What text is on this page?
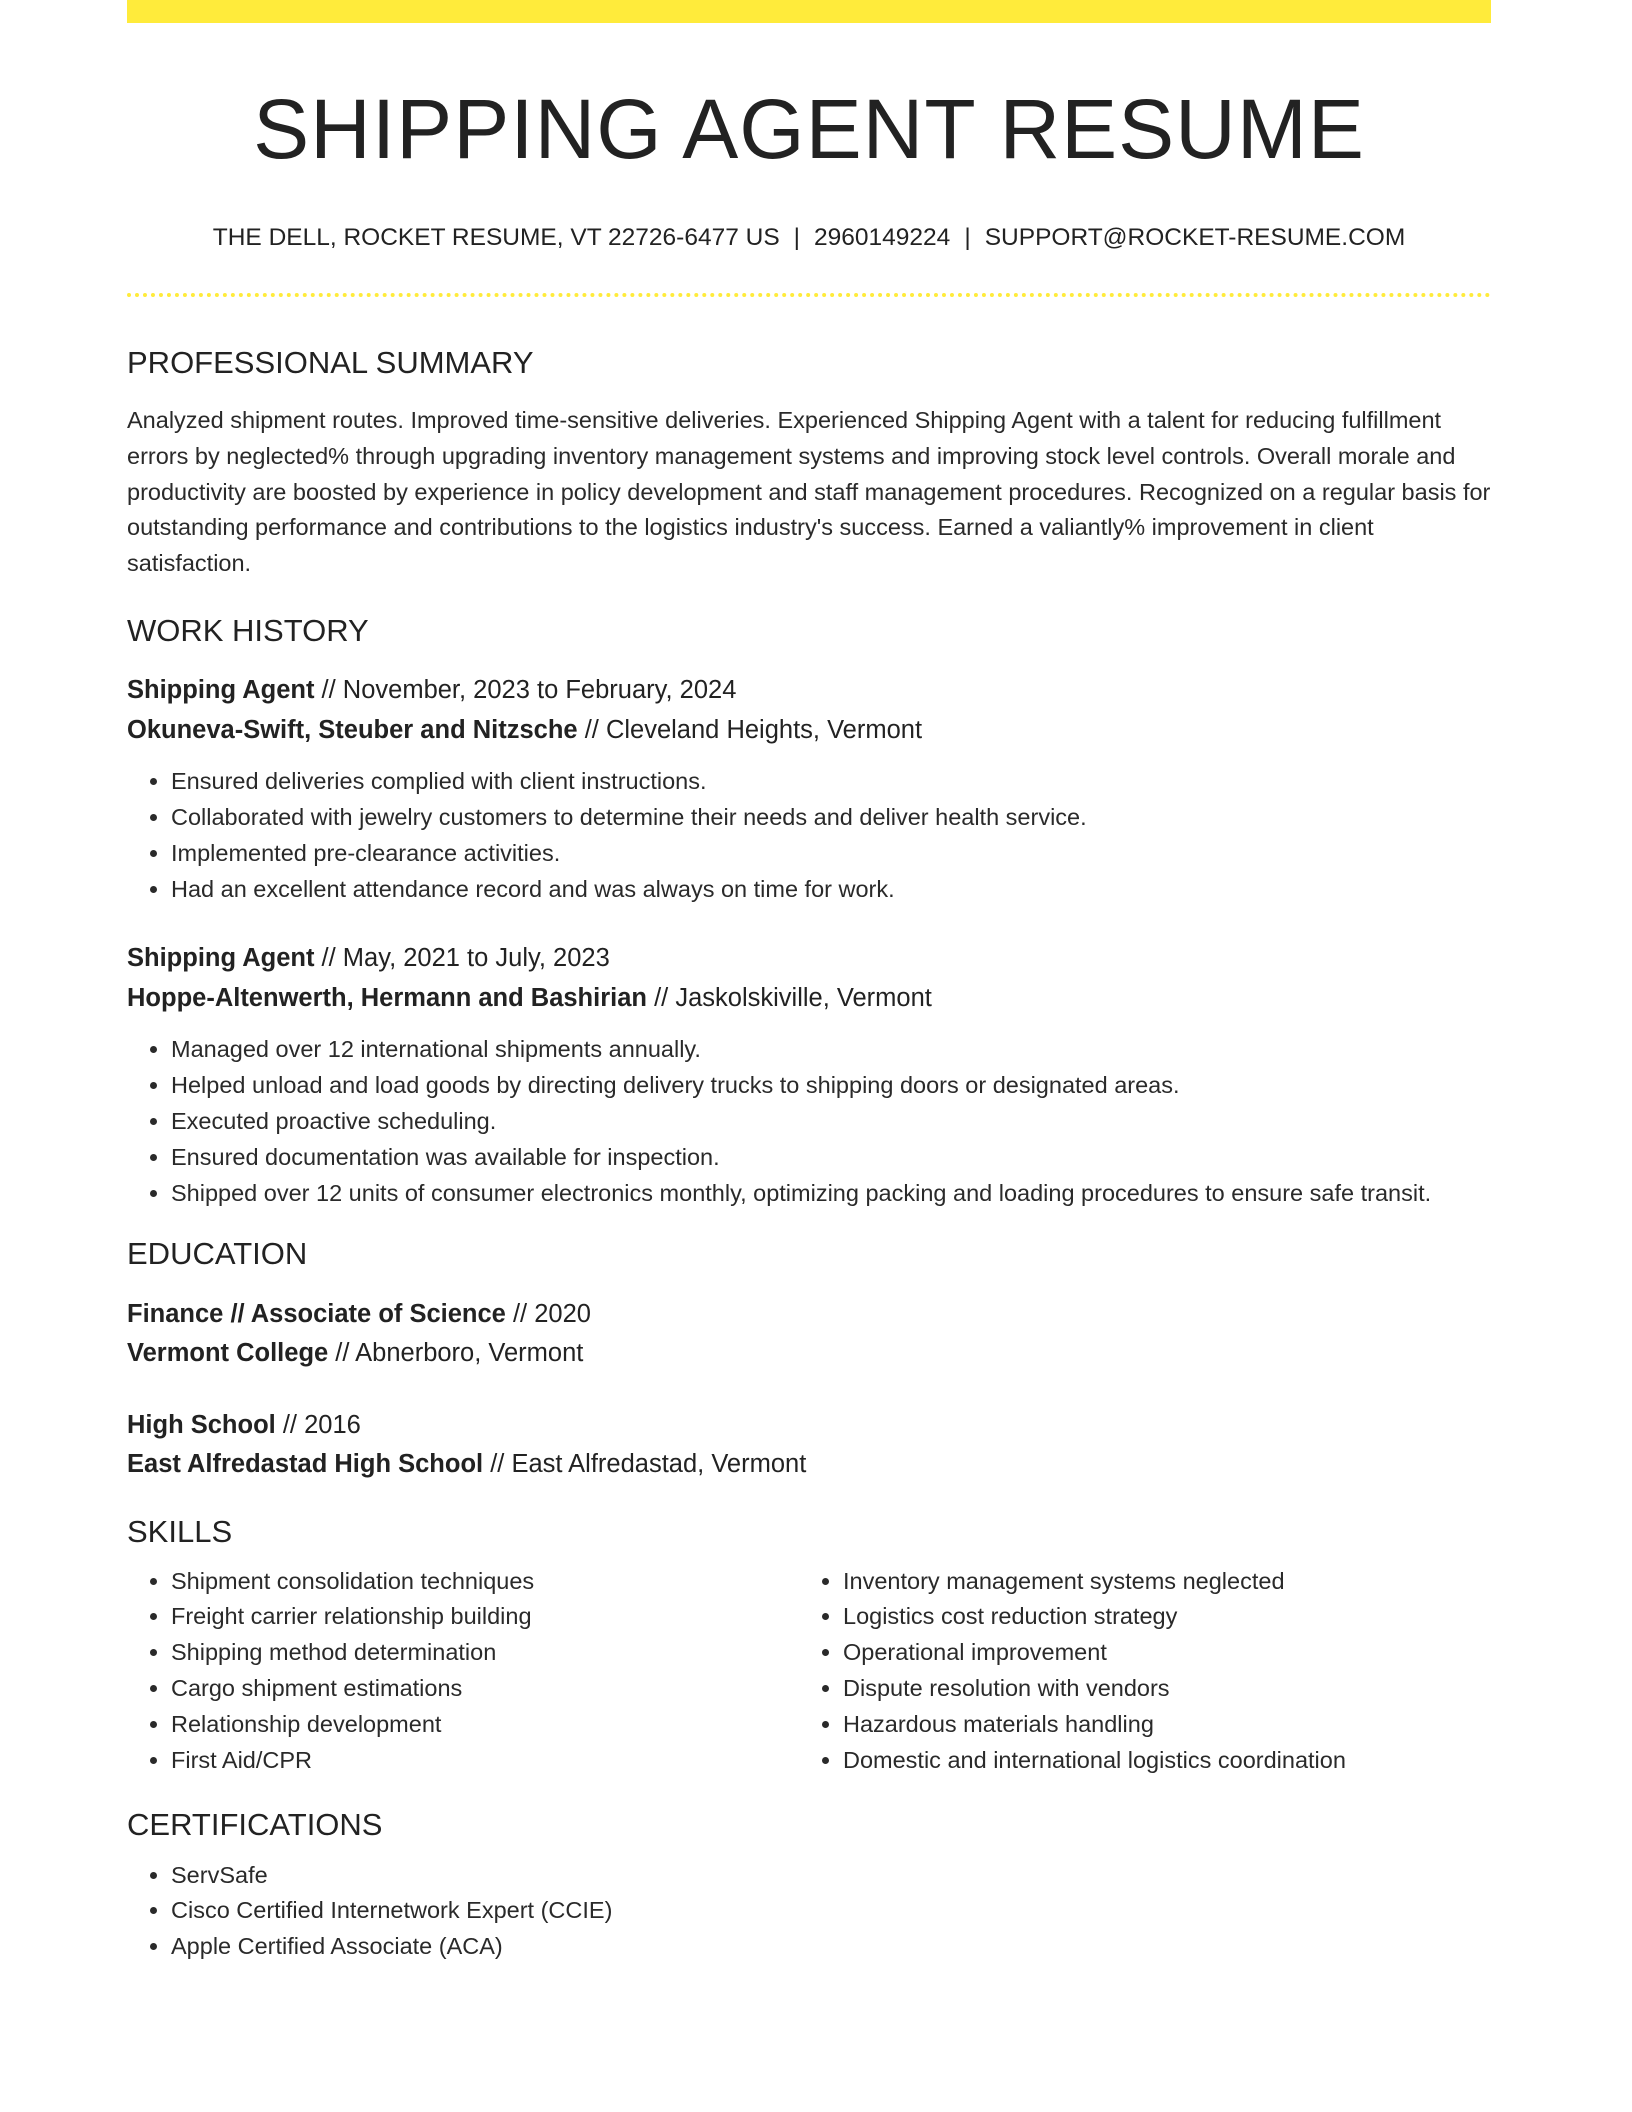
SHIPPING AGENT RESUME
THE DELL, ROCKET RESUME, VT 22726-6477 US | 2960149224 | SUPPORT@ROCKET-RESUME.COM
PROFESSIONAL SUMMARY

Analyzed shipment routes. Improved time-sensitive deliveries. Experienced Shipping Agent with a talent for reducing fulfillment errors by neglected% through upgrading inventory management systems and improving stock level controls. Overall morale and productivity are boosted by experience in policy development and staff management procedures. Recognized on a regular basis for outstanding performance and contributions to the logistics industry's success. Earned a valiantly% improvement in client satisfaction.

WORK HISTORY
Shipping Agent // November, 2023 to February, 2024
Okuneva-Swift, Steuber and Nitzsche // Cleveland Heights, Vermont
• Ensured deliveries complied with client instructions.
• Collaborated with jewelry customers to determine their needs and deliver health service.
• Implemented pre-clearance activities.
• Had an excellent attendance record and was always on time for work.
Shipping Agent // May, 2021 to July, 2023
Hoppe-Altenwerth, Hermann and Bashirian // Jaskolskiville, Vermont
• Managed over 12 international shipments annually.
• Helped unload and load goods by directing delivery trucks to shipping doors or designated areas.
• Executed proactive scheduling.
• Ensured documentation was available for inspection.
• Shipped over 12 units of consumer electronics monthly, optimizing packing and loading procedures to ensure safe transit.
EDUCATION
Finance // Associate of Science // 2020
Vermont College // Abnerboro, Vermont
High School // 2016
East Alfredastad High School // East Alfredastad, Vermont
SKILLS
• Shipment consolidation techniques
• Freight carrier relationship building
• Shipping method determination
• Cargo shipment estimations
• Relationship development
• First Aid/CPR
• Inventory management systems neglected
• Logistics cost reduction strategy
• Operational improvement
• Dispute resolution with vendors
• Hazardous materials handling
• Domestic and international logistics coordination
CERTIFICATIONS
• ServSafe
• Cisco Certified Internetwork Expert (CCIE)
• Apple Certified Associate (ACA)
